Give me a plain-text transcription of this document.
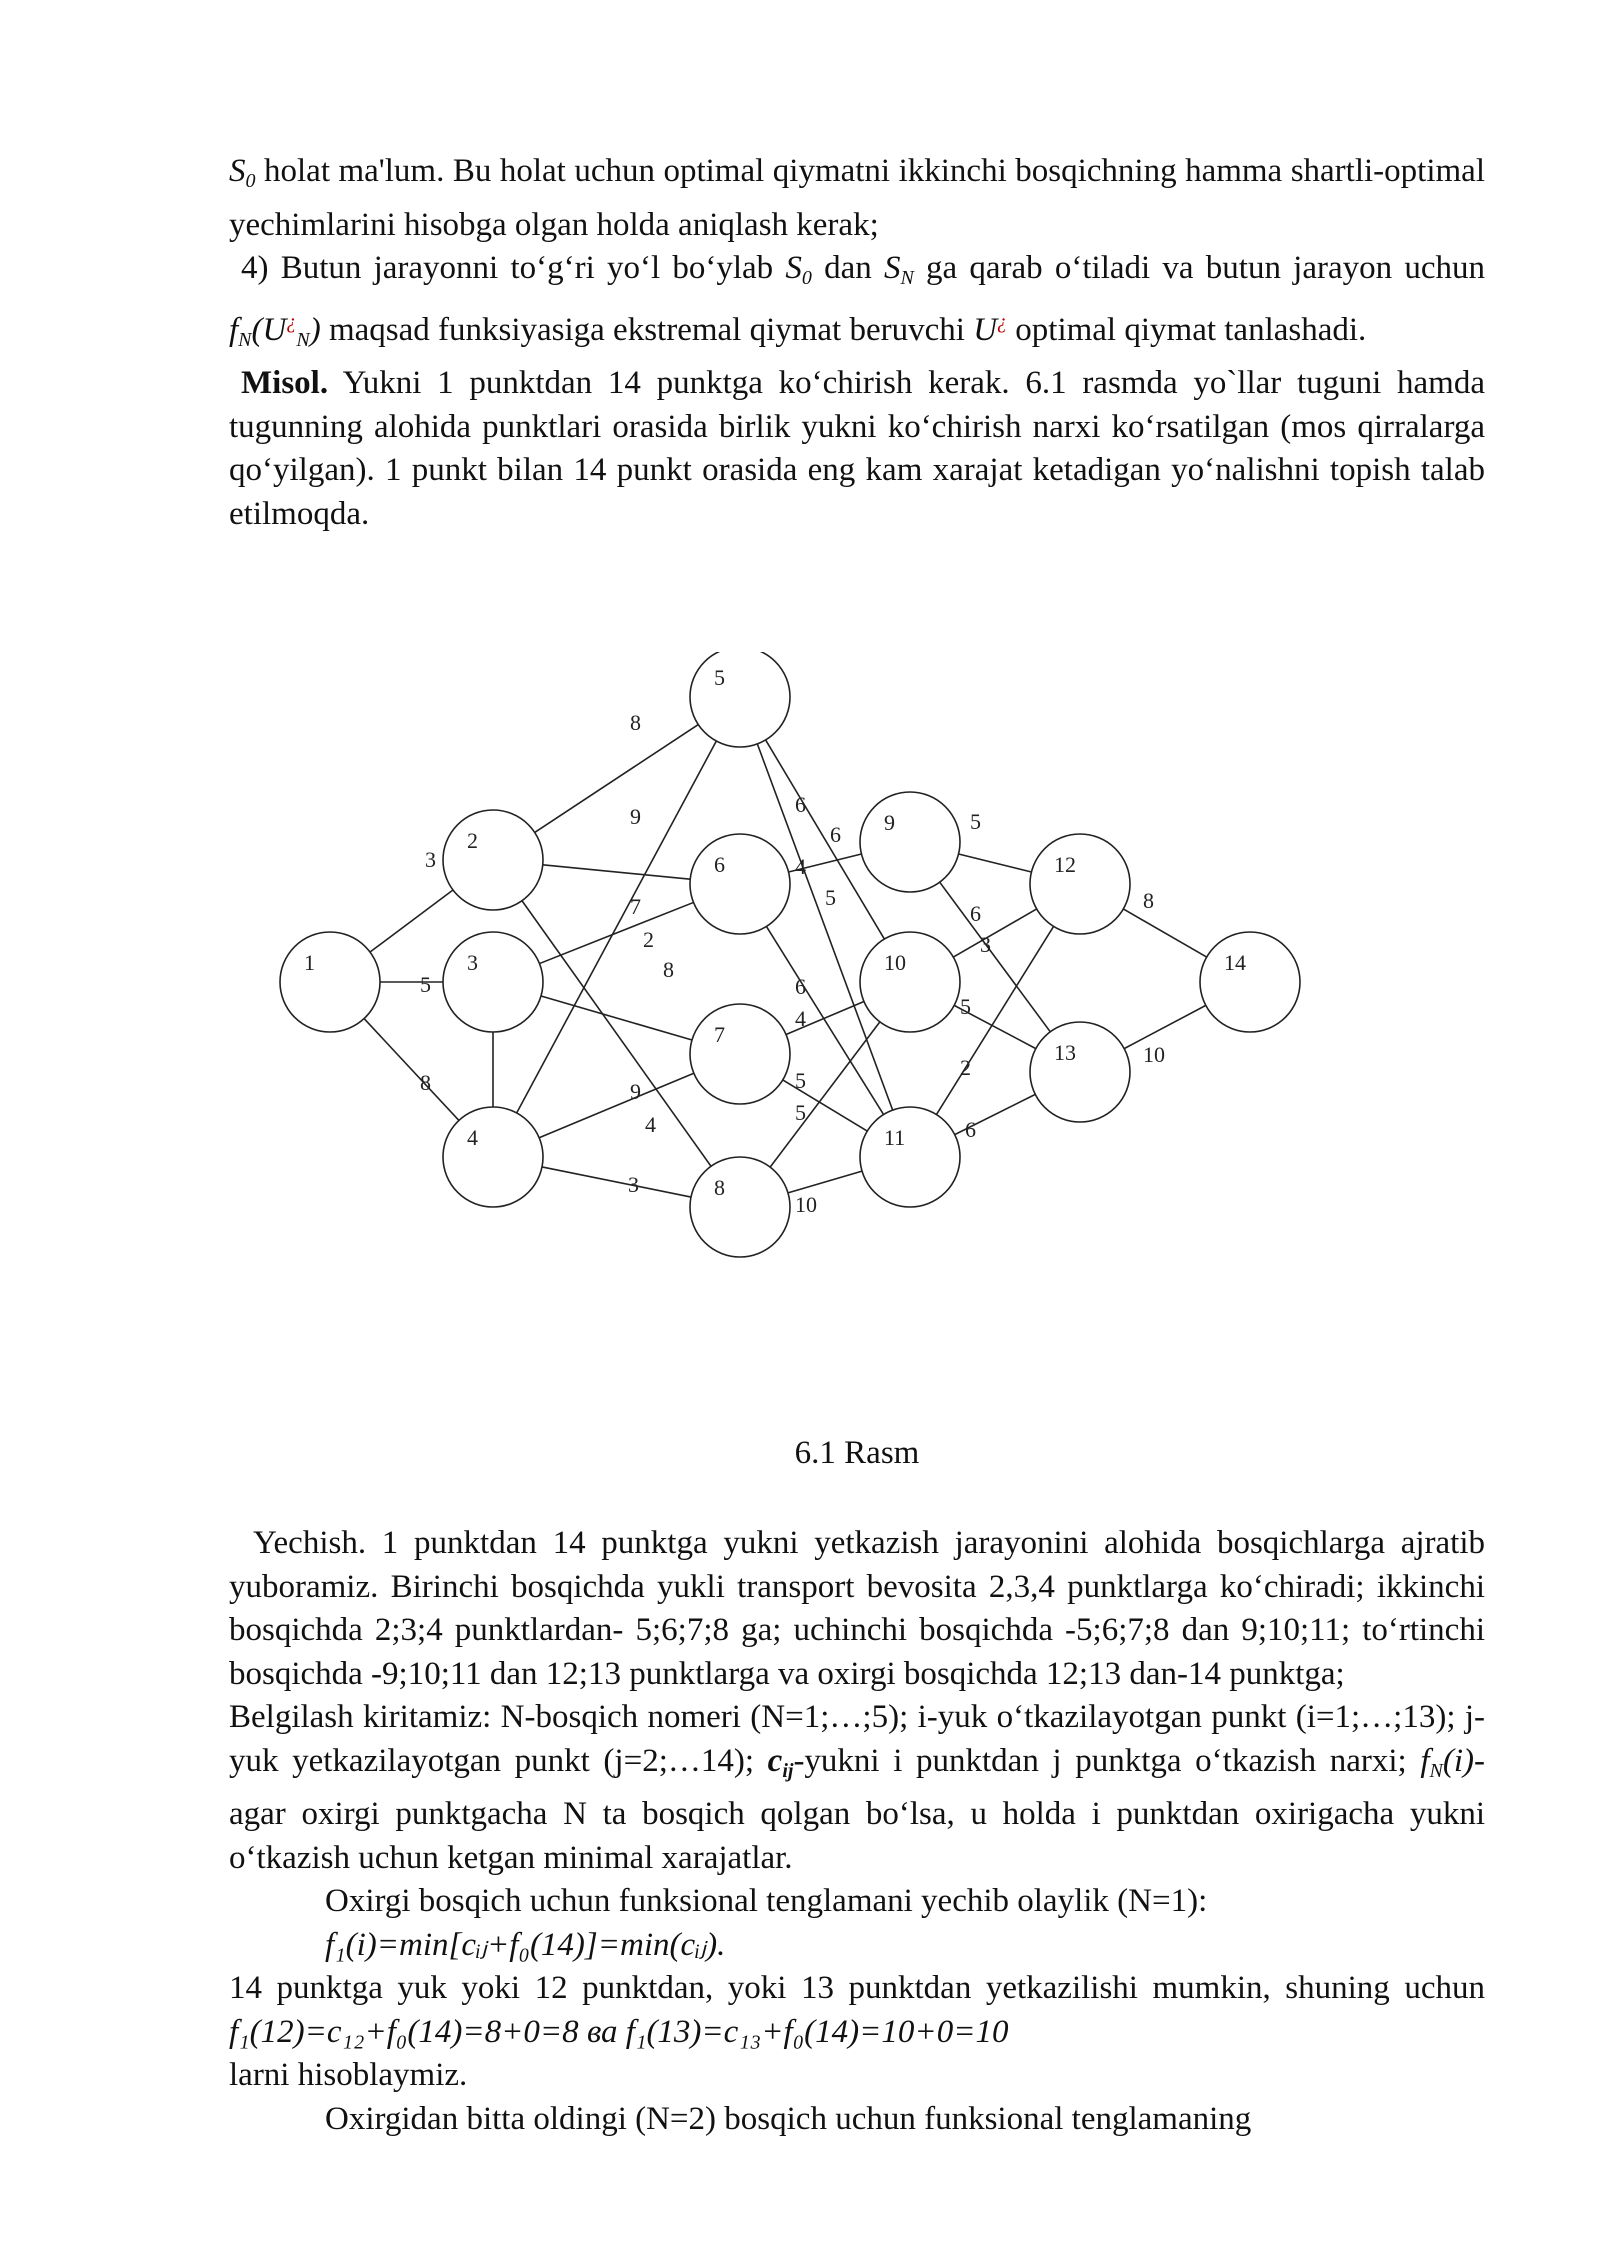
$S_0$ holat ma'lum. Bu holat uchun optimal qiymatni ikkinchi bosqichning hamma shartli-optimal yechimlarini hisobga olgan holda aniqlash kerak;

4) Butun jarayonni to‘g‘ri yo‘l bo‘ylab $S_0$ dan $S_N$ ga qarab o‘tiladi va butun jarayon uchun $f_N(U^¿_N)$ maqsad funksiyasiga ekstremal qiymat beruvchi U¿ optimal qiymat tanlashadi.

Misol. Yukni 1 punktdan 14 punktga ko‘chirish kerak. 6.1 rasmda yo`llar tuguni hamda tugunning alohida punktlari orasida birlik yukni ko‘chirish narxi ko‘rsatilgan (mos qirralarga qo‘yilgan). 1 punkt bilan 14 punkt orasida eng kam xarajat ketadigan yo‘nalishni topish talab etilmoqda.

6.1 Rasm

Yechish. 1 punktdan 14 punktga yukni yetkazish jarayonini alohida bosqichlarga ajratib yuboramiz. Birinchi bosqichda yukli transport bevosita 2,3,4 punktlarga ko‘chiradi; ikkinchi bosqichda 2;3;4 punktlardan- 5;6;7;8 ga; uchinchi bosqichda -5;6;7;8 dan 9;10;11; to‘rtinchi bosqichda -9;10;11 dan 12;13 punktlarga va oxirgi bosqichda 12;13 dan-14 punktga;

Belgilash kiritamiz: N-bosqich nomeri (N=1;…;5); i-yuk o‘tkazilayotgan punkt (i=1;…;13); j-yuk yetkazilayotgan punkt (j=2;…14); $c_{ij}$-yukni i punktdan j punktga o‘tkazish narxi; $f_N(i)-$ agar oxirgi punktgacha N ta bosqich qolgan bo‘lsa, u holda i punktdan oxirigacha yukni o‘tkazish uchun ketgan minimal xarajatlar.

Oxirgi bosqich uchun funksional tenglamani yechib olaylik (N=1):

f₁(i)=min[cᵢⱼ+f₀(14)]=min(cᵢⱼ).

14 punktga yuk yoki 12 punktdan, yoki 13 punktdan yetkazilishi mumkin, shuning uchun f₁(12)=c₁₂+f₀(14)=8+0=8 ва f₁(13)=c₁₃+f₀(14)=10+0=10
larni hisoblaymiz.

Oxirgidan bitta oldingi (N=2) bosqich uchun funksional tenglamaning

1
2
3
4
5
6
7
8
9
10
11
12
13
14
3
5
8
8
9
7
2
8
9
4
3
6
6
4
5
6
4
5
5
10
5
6
3
5
2
6
8
10
